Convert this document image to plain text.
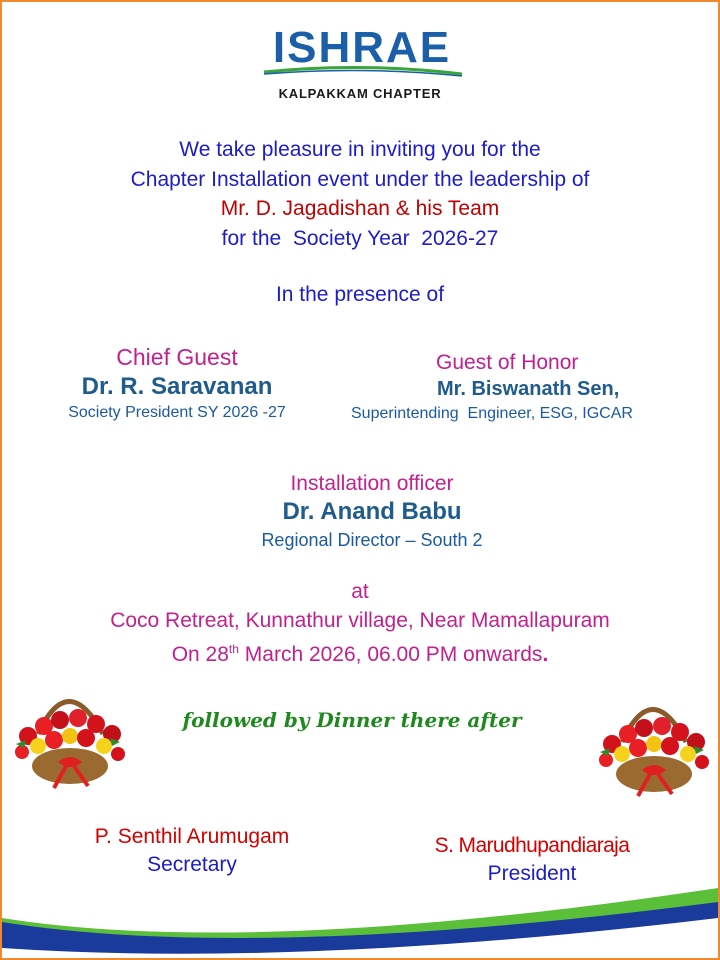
ISHRAE
KALPAKKAM CHAPTER
We take pleasure in inviting you for the
Chapter Installation event under the leadership of
Mr. D. Jagadishan & his Team
for the  Society Year  2026-27
In the presence of
Chief Guest
Dr. R. Saravanan
Society President SY 2026 -27
Guest of Honor
Mr. Biswanath Sen,
Superintending  Engineer, ESG, IGCAR
Installation officer
Dr. Anand Babu
Regional Director – South 2
at
Coco Retreat, Kunnathur village, Near Mamallapuram
On 28th March 2026, 06.00 PM onwards.
followed by Dinner there after
P. Senthil Arumugam
Secretary
S. Marudhupandiaraja
President
